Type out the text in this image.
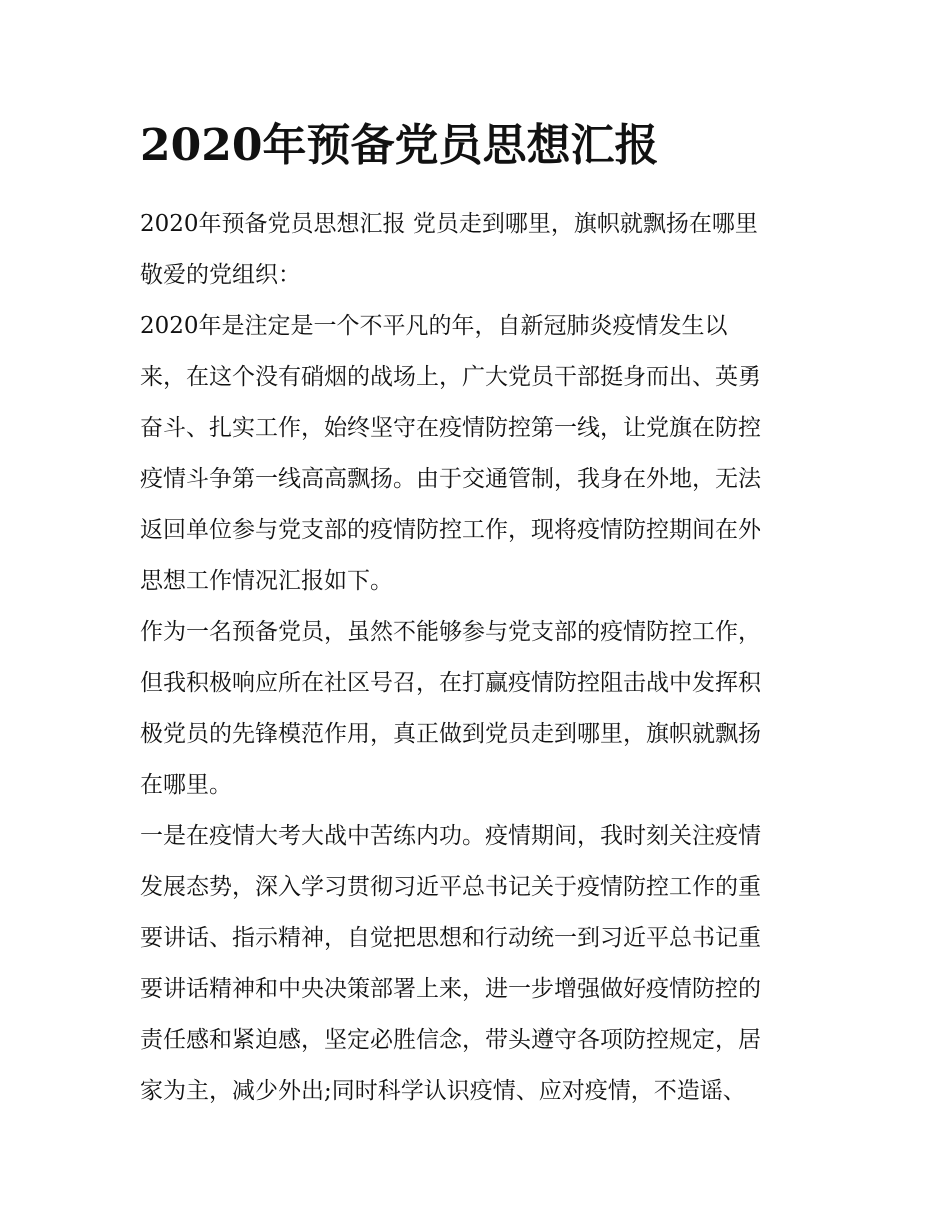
2020年预备党员思想汇报
2020年预备党员思想汇报 党员走到哪里，旗帜就飘扬在哪里
敬爱的党组织：
2020年是注定是一个不平凡的年，自新冠肺炎疫情发生以
来，在这个没有硝烟的战场上，广大党员干部挺身而出、英勇
奋斗、扎实工作，始终坚守在疫情防控第一线，让党旗在防控
疫情斗争第一线高高飘扬。由于交通管制，我身在外地，无法
返回单位参与党支部的疫情防控工作，现将疫情防控期间在外
思想工作情况汇报如下。
作为一名预备党员，虽然不能够参与党支部的疫情防控工作，
但我积极响应所在社区号召，在打赢疫情防控阻击战中发挥积
极党员的先锋模范作用，真正做到党员走到哪里，旗帜就飘扬
在哪里。
一是在疫情大考大战中苦练内功。疫情期间，我时刻关注疫情
发展态势，深入学习贯彻习近平总书记关于疫情防控工作的重
要讲话、指示精神，自觉把思想和行动统一到习近平总书记重
要讲话精神和中央决策部署上来，进一步增强做好疫情防控的
责任感和紧迫感，坚定必胜信念，带头遵守各项防控规定，居
家为主，减少外出;同时科学认识疫情、应对疫情，不造谣、
